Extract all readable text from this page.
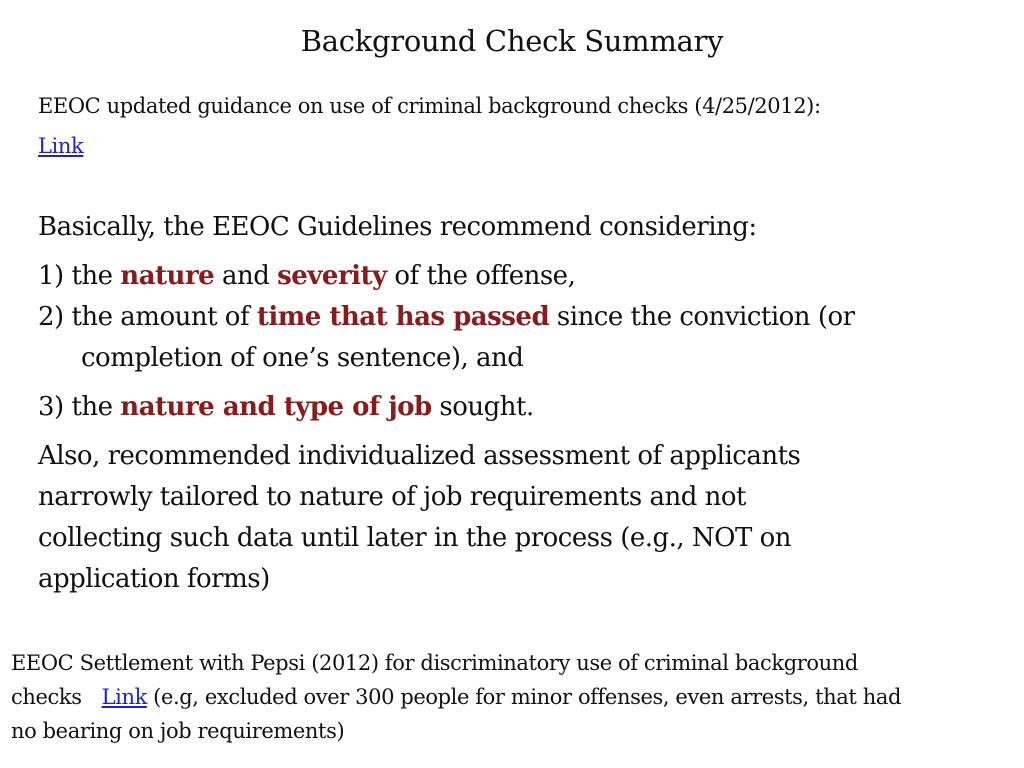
Background Check Summary
EEOC updated guidance on use of criminal background checks (4/25/2012):
Link
Basically, the EEOC Guidelines recommend considering:
1) the nature and severity of the offense,
2) the amount of time that has passed since the conviction (or
completion of one’s sentence), and
3) the nature and type of job sought.
Also, recommended individualized assessment of applicants
narrowly tailored to nature of job requirements and not
collecting such data until later in the process (e.g., NOT on
application forms)
EEOC Settlement with Pepsi (2012) for discriminatory use of criminal background
checks Link (e.g, excluded over 300 people for minor offenses, even arrests, that had
no bearing on job requirements)
